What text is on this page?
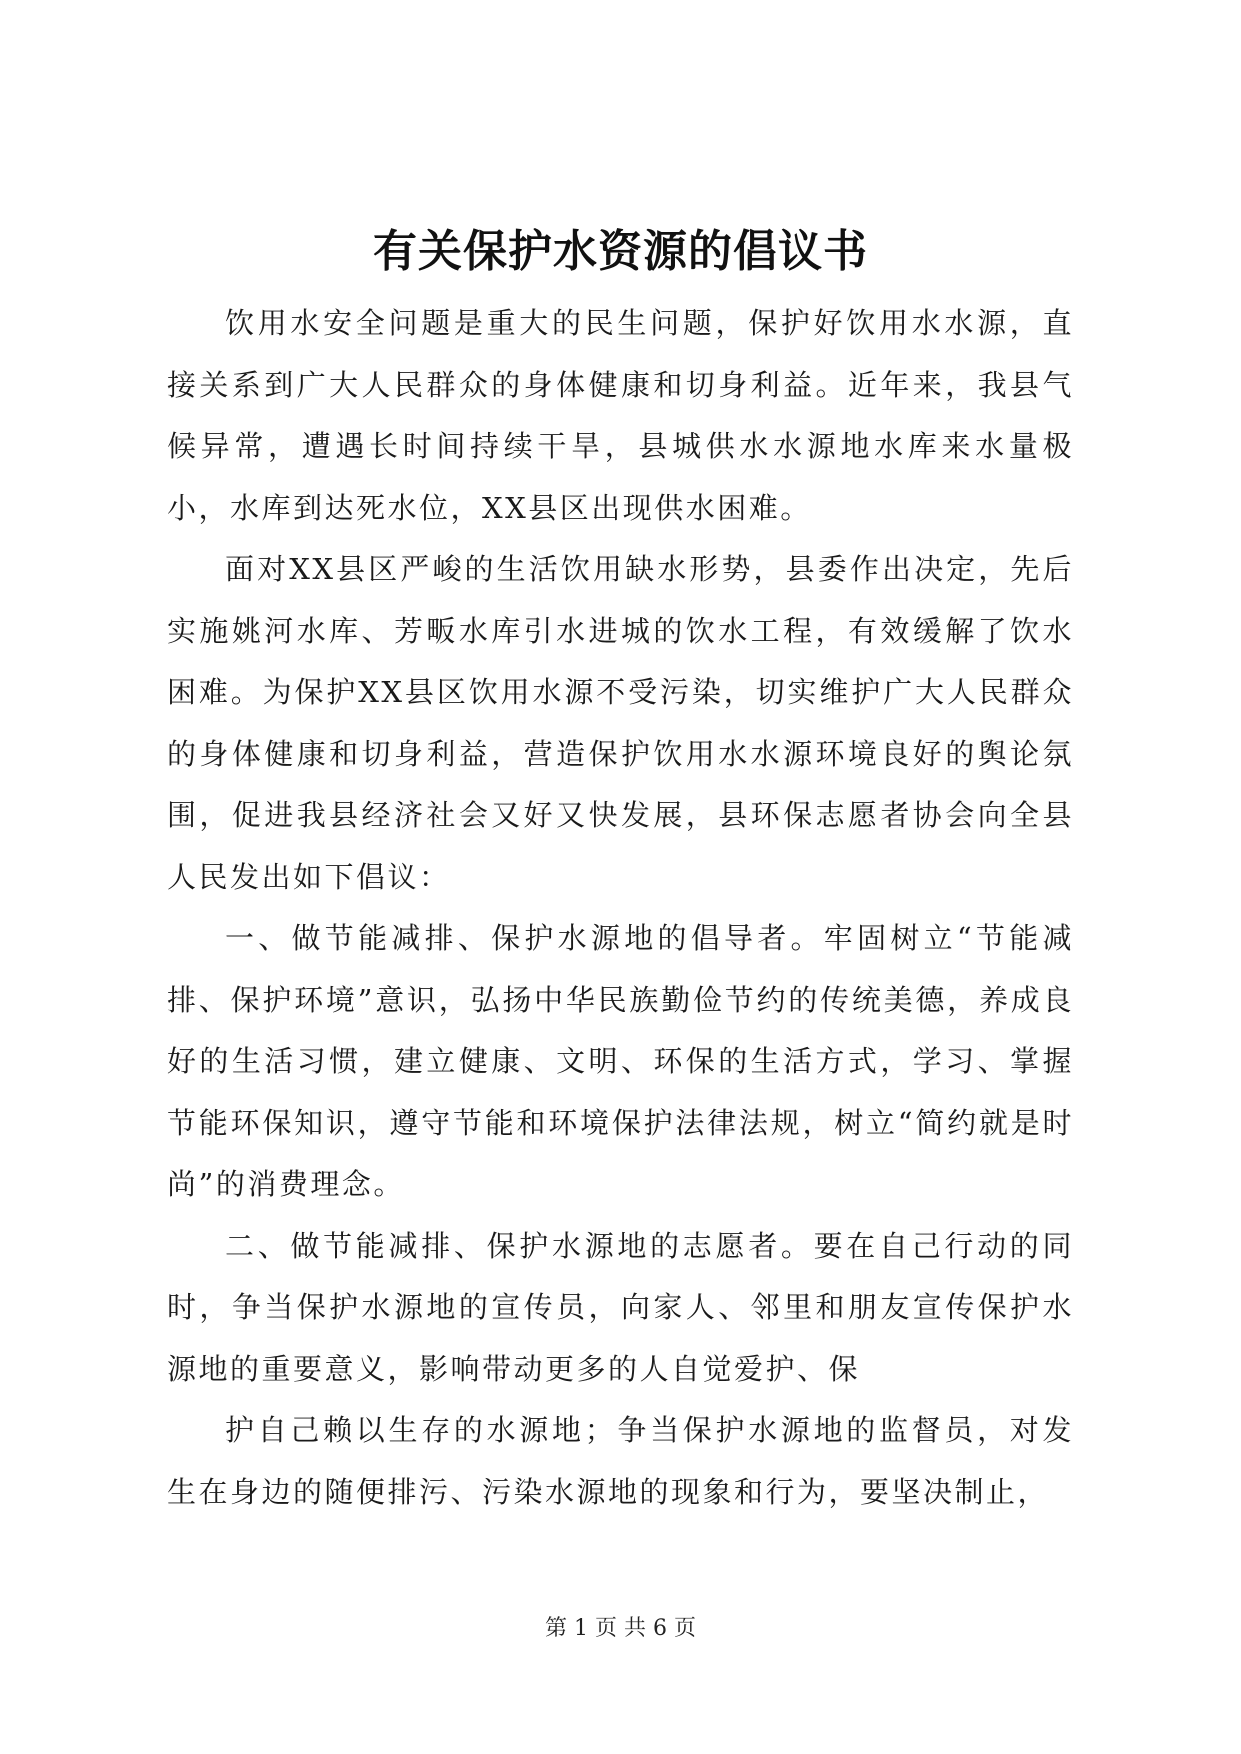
有关保护水资源的倡议书

饮用水安全问题是重大的民生问题，保护好饮用水水源，直接关系到广大人民群众的身体健康和切身利益。近年来，我县气候异常，遭遇长时间持续干旱，县城供水水源地水库来水量极小，水库到达死水位，XX县区出现供水困难。

面对XX县区严峻的生活饮用缺水形势，县委作出决定，先后实施姚河水库、芳畈水库引水进城的饮水工程，有效缓解了饮水困难。为保护XX县区饮用水源不受污染，切实维护广大人民群众的身体健康和切身利益，营造保护饮用水水源环境良好的舆论氛围，促进我县经济社会又好又快发展，县环保志愿者协会向全县人民发出如下倡议：

一、做节能减排、保护水源地的倡导者。牢固树立“节能减排、保护环境”意识，弘扬中华民族勤俭节约的传统美德，养成良好的生活习惯，建立健康、文明、环保的生活方式，学习、掌握节能环保知识，遵守节能和环境保护法律法规，树立“简约就是时尚”的消费理念。

二、做节能减排、保护水源地的志愿者。要在自己行动的同时，争当保护水源地的宣传员，向家人、邻里和朋友宣传保护水源地的重要意义，影响带动更多的人自觉爱护、保

护自己赖以生存的水源地；争当保护水源地的监督员，对发生在身边的随便排污、污染水源地的现象和行为，要坚决制止，

第 1 页 共 6 页
